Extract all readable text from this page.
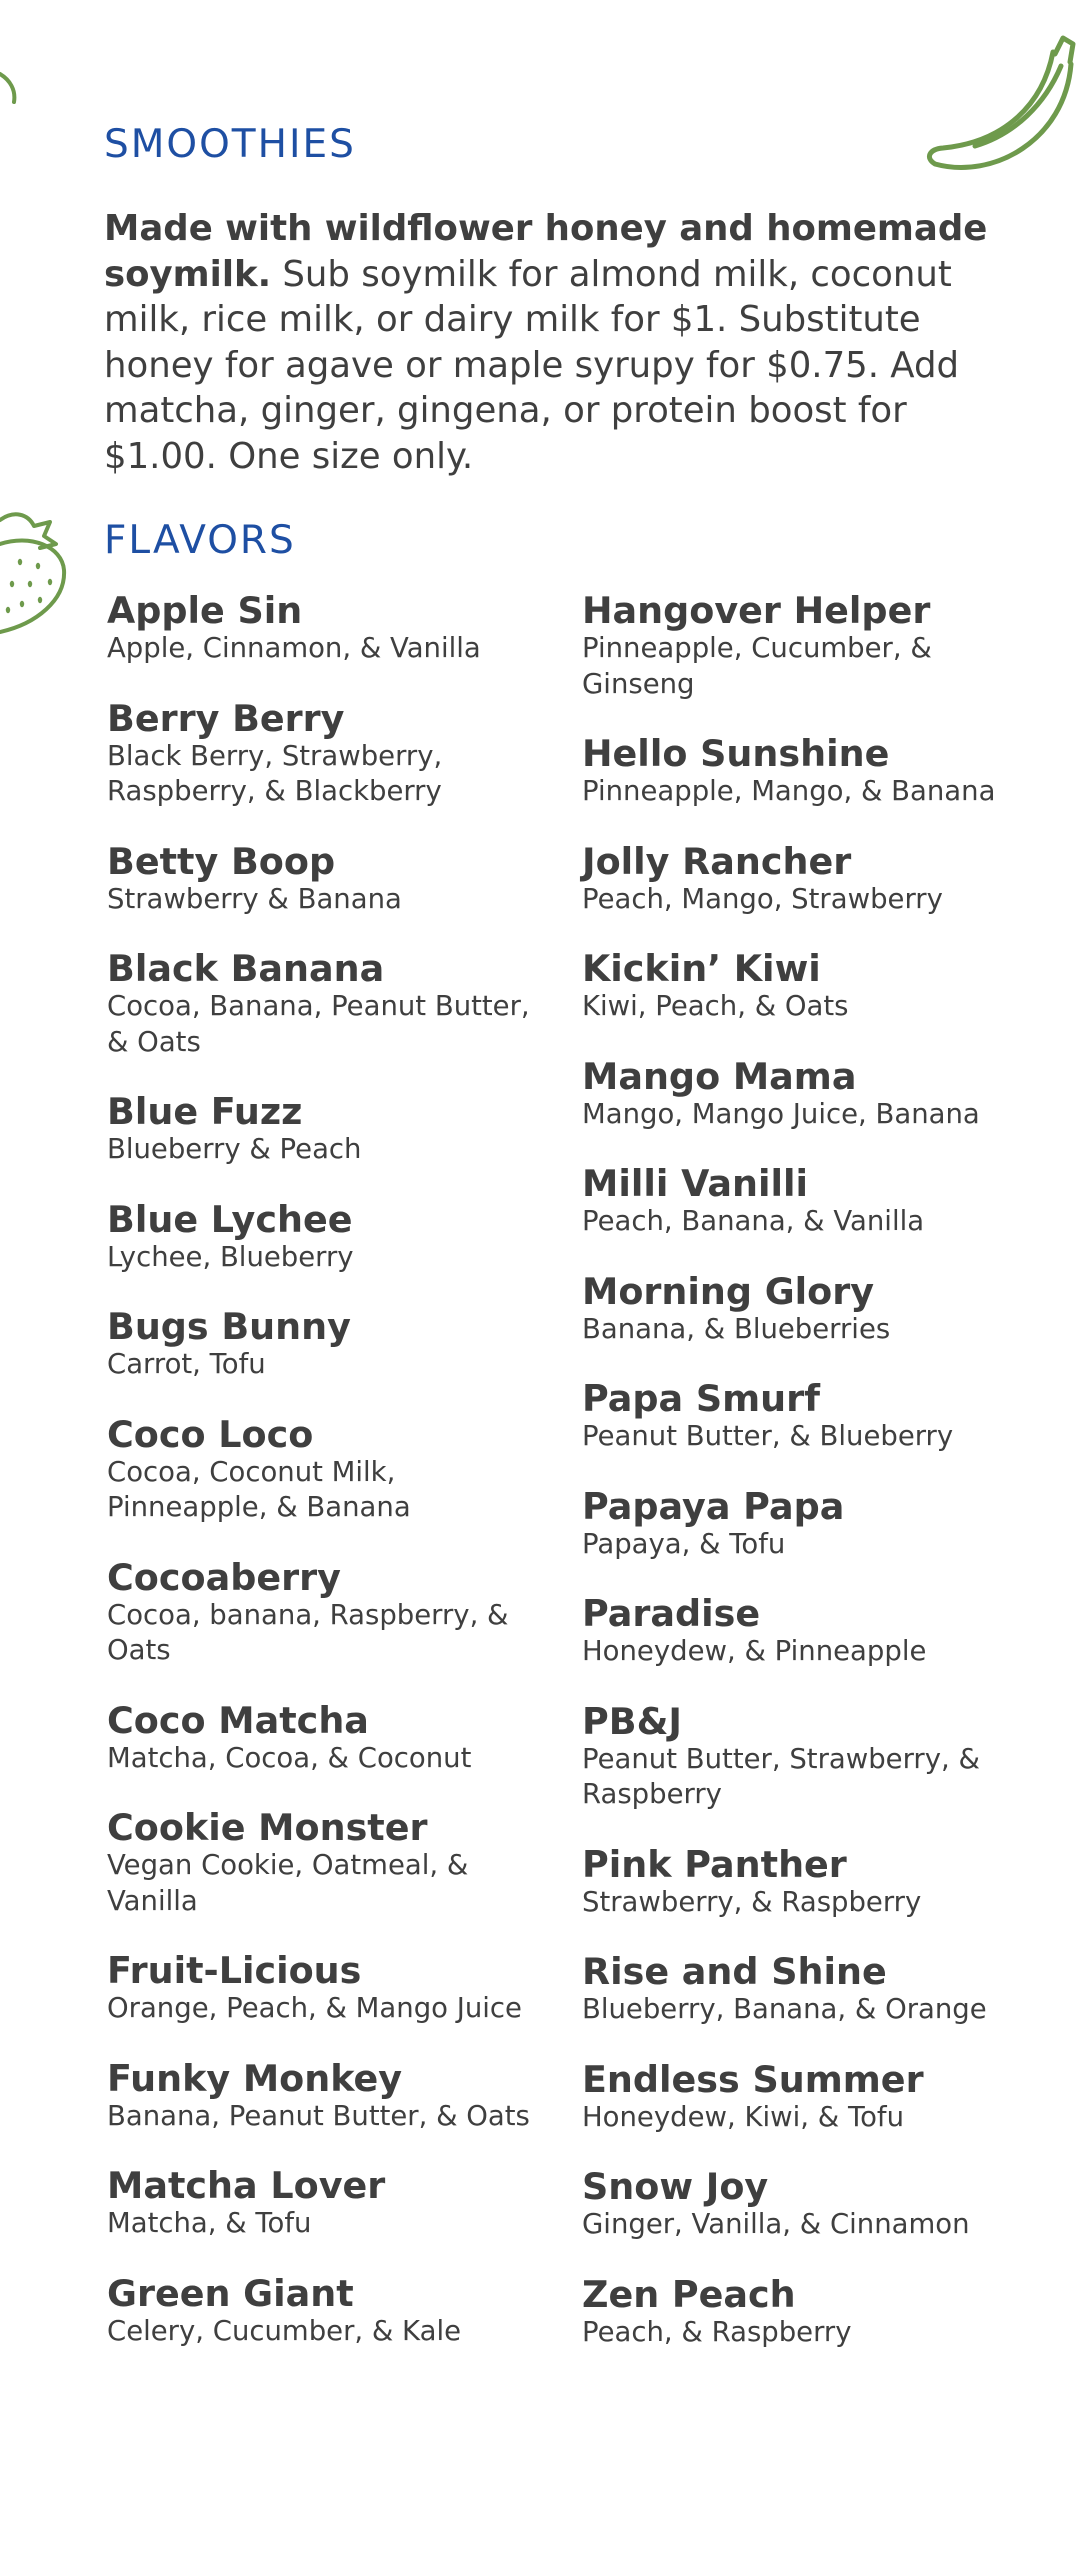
SMOOTHIES

Made with wildflower honey and homemade soymilk. Sub soymilk for almond milk, coconut milk, rice milk, or dairy milk for $1. Substitute honey for agave or maple syrupy for $0.75. Add matcha, ginger, gingena, or protein boost for $1.00. One size only.

FLAVORS
Apple Sin
Apple, Cinnamon, & Vanilla
Berry Berry
Black Berry, Strawberry, Raspberry, & Blackberry
Betty Boop
Strawberry & Banana
Black Banana
Cocoa, Banana, Peanut Butter, & Oats
Blue Fuzz
Blueberry & Peach
Blue Lychee
Lychee, Blueberry
Bugs Bunny
Carrot, Tofu
Coco Loco
Cocoa, Coconut Milk, Pinneapple, & Banana
Cocoaberry
Cocoa, banana, Raspberry, & Oats
Coco Matcha
Matcha, Cocoa, & Coconut
Cookie Monster
Vegan Cookie, Oatmeal, & Vanilla
Fruit-Licious
Orange, Peach, & Mango Juice
Funky Monkey
Banana, Peanut Butter, & Oats
Matcha Lover
Matcha, & Tofu
Green Giant
Celery, Cucumber, & Kale
Hangover Helper
Pinneapple, Cucumber, & Ginseng
Hello Sunshine
Pinneapple, Mango, & Banana
Jolly Rancher
Peach, Mango, Strawberry
Kickin’ Kiwi
Kiwi, Peach, & Oats
Mango Mama
Mango, Mango Juice, Banana
Milli Vanilli
Peach, Banana, & Vanilla
Morning Glory
Banana, & Blueberries
Papa Smurf
Peanut Butter, & Blueberry
Papaya Papa
Papaya, & Tofu
Paradise
Honeydew, & Pinneapple
PB&J
Peanut Butter, Strawberry, & Raspberry
Pink Panther
Strawberry, & Raspberry
Rise and Shine
Blueberry, Banana, & Orange
Endless Summer
Honeydew, Kiwi, & Tofu
Snow Joy
Ginger, Vanilla, & Cinnamon
Zen Peach
Peach, & Raspberry
